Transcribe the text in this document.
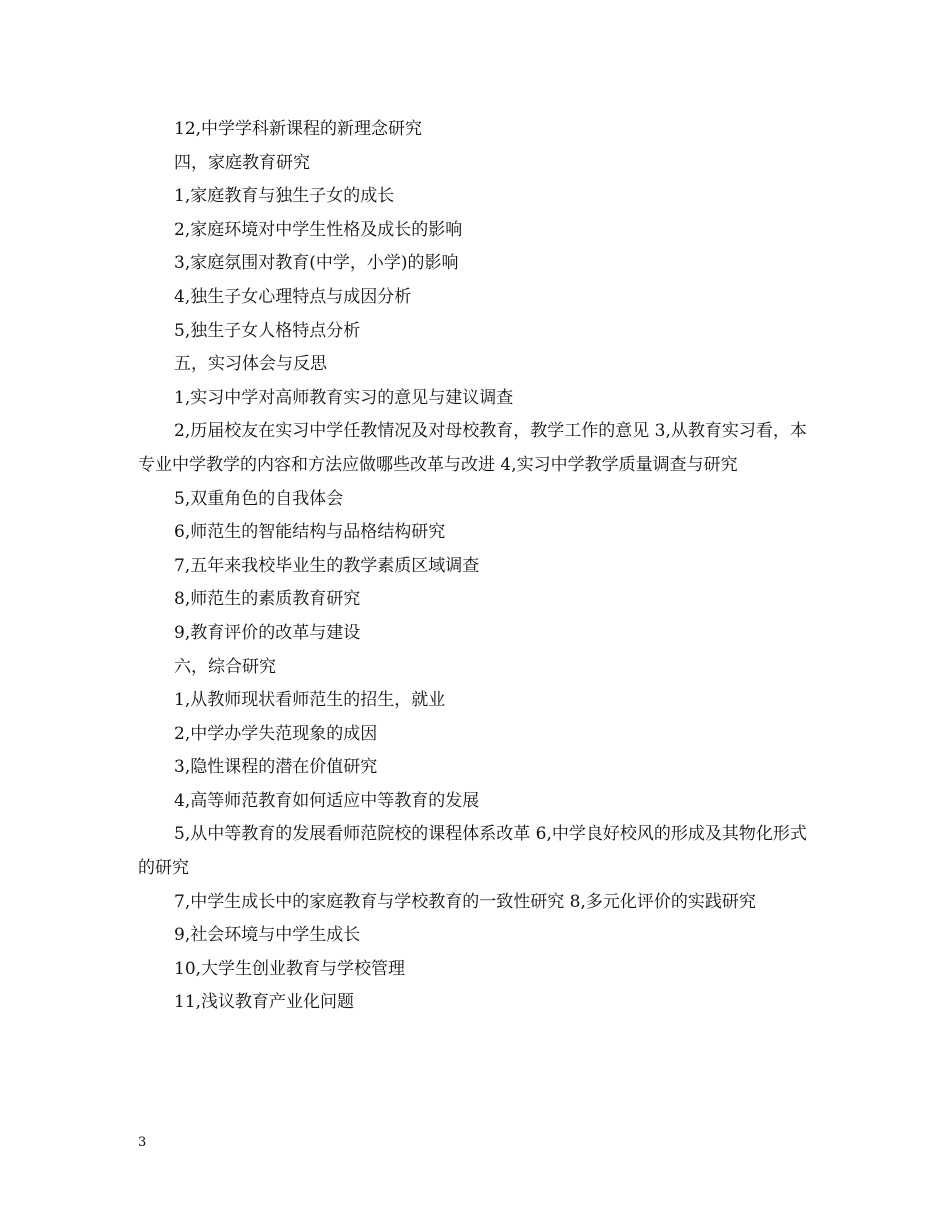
12,中学学科新课程的新理念研究

四，家庭教育研究

1,家庭教育与独生子女的成长

2,家庭环境对中学生性格及成长的影响

3,家庭氛围对教育(中学，小学)的影响

4,独生子女心理特点与成因分析

5,独生子女人格特点分析

五，实习体会与反思

1,实习中学对高师教育实习的意见与建议调查

2,历届校友在实习中学任教情况及对母校教育，教学工作的意见 3,从教育实习看，本专业中学教学的内容和方法应做哪些改革与改进 4,实习中学教学质量调查与研究

5,双重角色的自我体会

6,师范生的智能结构与品格结构研究

7,五年来我校毕业生的教学素质区域调查

8,师范生的素质教育研究

9,教育评价的改革与建设

六，综合研究

1,从教师现状看师范生的招生，就业

2,中学办学失范现象的成因

3,隐性课程的潜在价值研究

4,高等师范教育如何适应中等教育的发展

5,从中等教育的发展看师范院校的课程体系改革 6,中学良好校风的形成及其物化形式的研究

7,中学生成长中的家庭教育与学校教育的一致性研究 8,多元化评价的实践研究

9,社会环境与中学生成长

10,大学生创业教育与学校管理

11,浅议教育产业化问题

3
